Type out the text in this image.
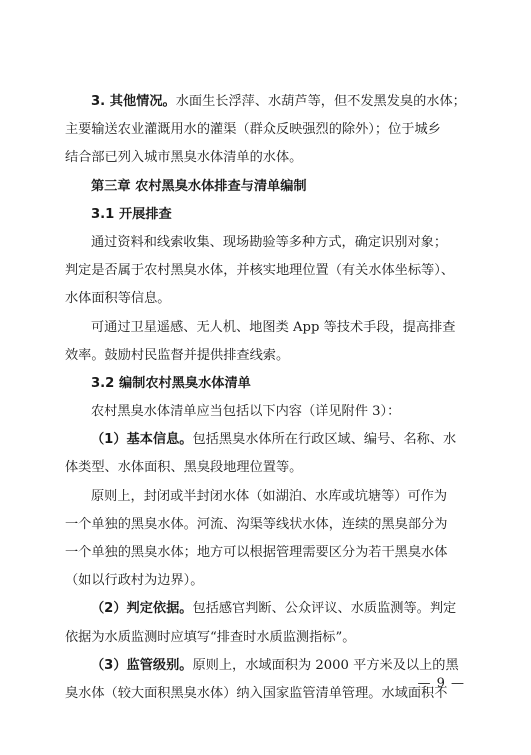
3. 其他情况。水面生长浮萍、水葫芦等，但不发黑发臭的水体；
主要输送农业灌溉用水的灌渠（群众反映强烈的除外）；位于城乡
结合部已列入城市黑臭水体清单的水体。
第三章 农村黑臭水体排查与清单编制
3.1 开展排查
通过资料和线索收集、现场勘验等多种方式，确定识别对象；
判定是否属于农村黑臭水体，并核实地理位置（有关水体坐标等）、
水体面积等信息。
可通过卫星遥感、无人机、地图类 App 等技术手段，提高排查
效率。鼓励村民监督并提供排查线索。
3.2 编制农村黑臭水体清单
农村黑臭水体清单应当包括以下内容（详见附件 3）：
（1）基本信息。包括黑臭水体所在行政区域、编号、名称、水
体类型、水体面积、黑臭段地理位置等。
原则上，封闭或半封闭水体（如湖泊、水库或坑塘等）可作为
一个单独的黑臭水体。河流、沟渠等线状水体，连续的黑臭部分为
一个单独的黑臭水体；地方可以根据管理需要区分为若干黑臭水体
（如以行政村为边界）。
（2）判定依据。包括感官判断、公众评议、水质监测等。判定
依据为水质监测时应填写“排查时水质监测指标”。
（3）监管级别。原则上，水域面积为 2000 平方米及以上的黑
臭水体（较大面积黑臭水体）纳入国家监管清单管理。水域面积不
— 9 —
